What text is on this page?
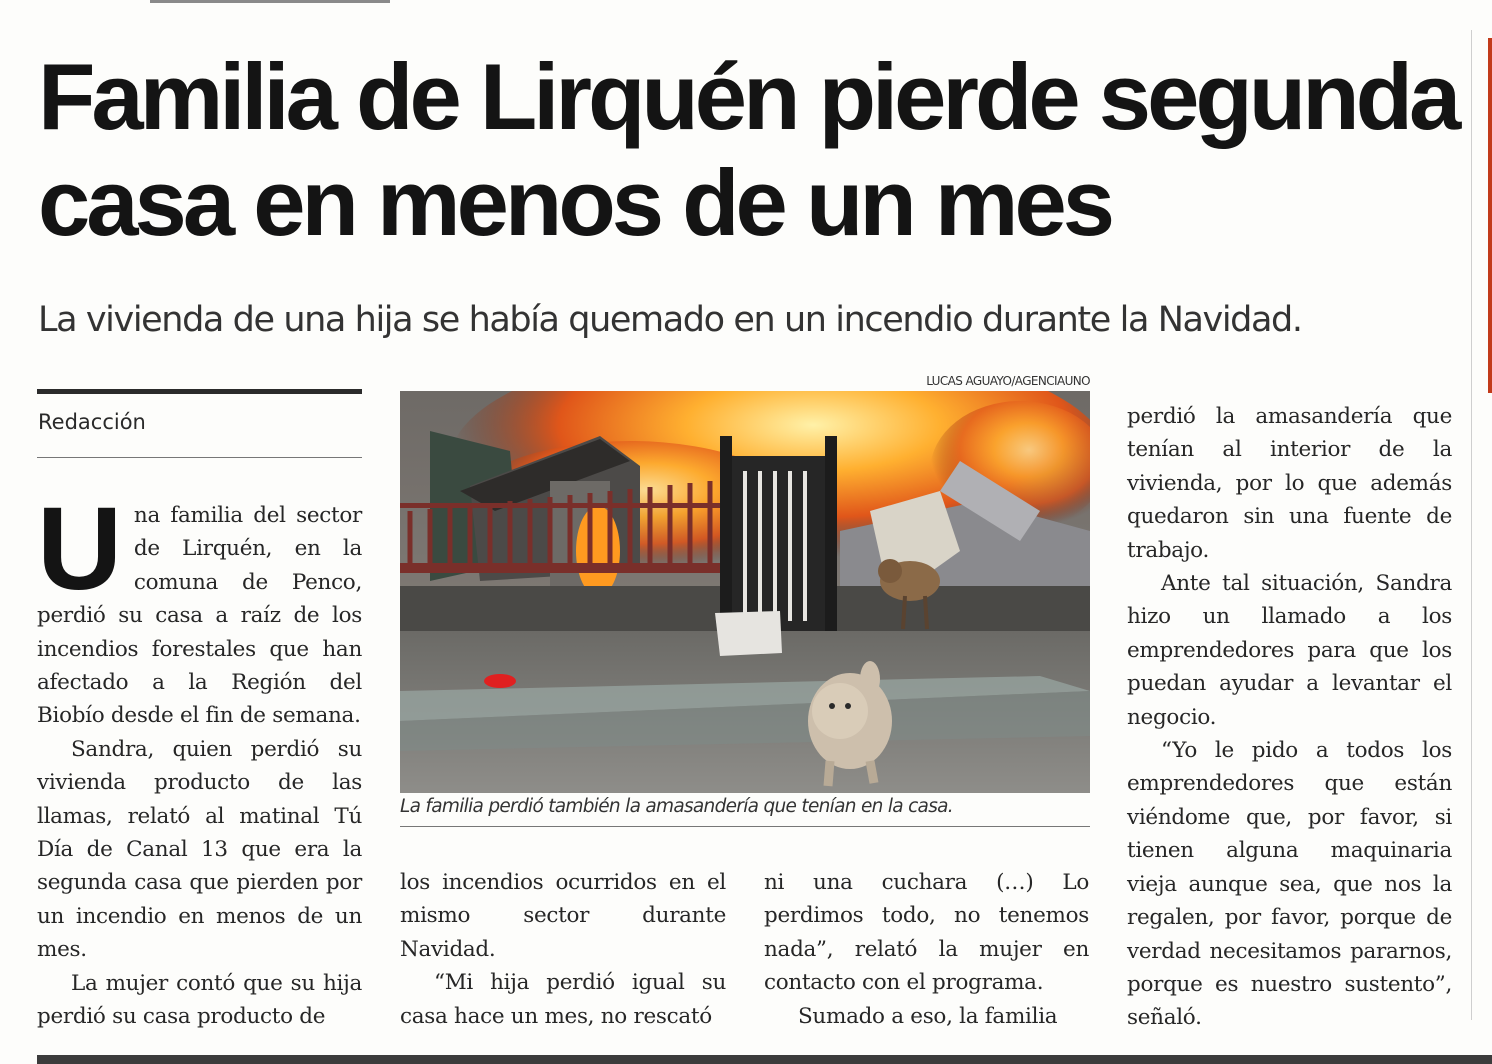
Familia de Lirquén pierde segunda casa en menos de un mes

La vivienda de una hija se había quemado en un incendio durante la Navidad.

Redacción

U na familia del sector de Lirquén, en la comuna de Penco, perdió su casa a raíz de los incendios forestales que han afectado a la Región del Biobío desde el fin de semana.

Sandra, quien perdió su vivienda producto de las llamas, relató al matinal Tú Día de Canal 13 que era la segunda casa que pierden por un incendio en menos de un mes.

La mujer contó que su hija perdió su casa producto de

LUCAS AGUAYO/AGENCIAUNO

La familia perdió también la amasandería que tenían en la casa.

los incendios ocurridos en el mismo sector durante Navidad.

“Mi hija perdió igual su casa hace un mes, no rescató

ni una cuchara (…) Lo perdimos todo, no tenemos nada”, relató la mujer en contacto con el programa.

Sumado a eso, la familia

perdió la amasandería que tenían al interior de la vivienda, por lo que además quedaron sin una fuente de trabajo.

Ante tal situación, Sandra hizo un llamado a los emprendedores para que los puedan ayudar a levantar el negocio.

“Yo le pido a todos los emprendedores que están viéndome que, por favor, si tienen alguna maquinaria vieja aunque sea, que nos la regalen, por favor, porque de verdad necesitamos pararnos, porque es nuestro sustento”, señaló.
